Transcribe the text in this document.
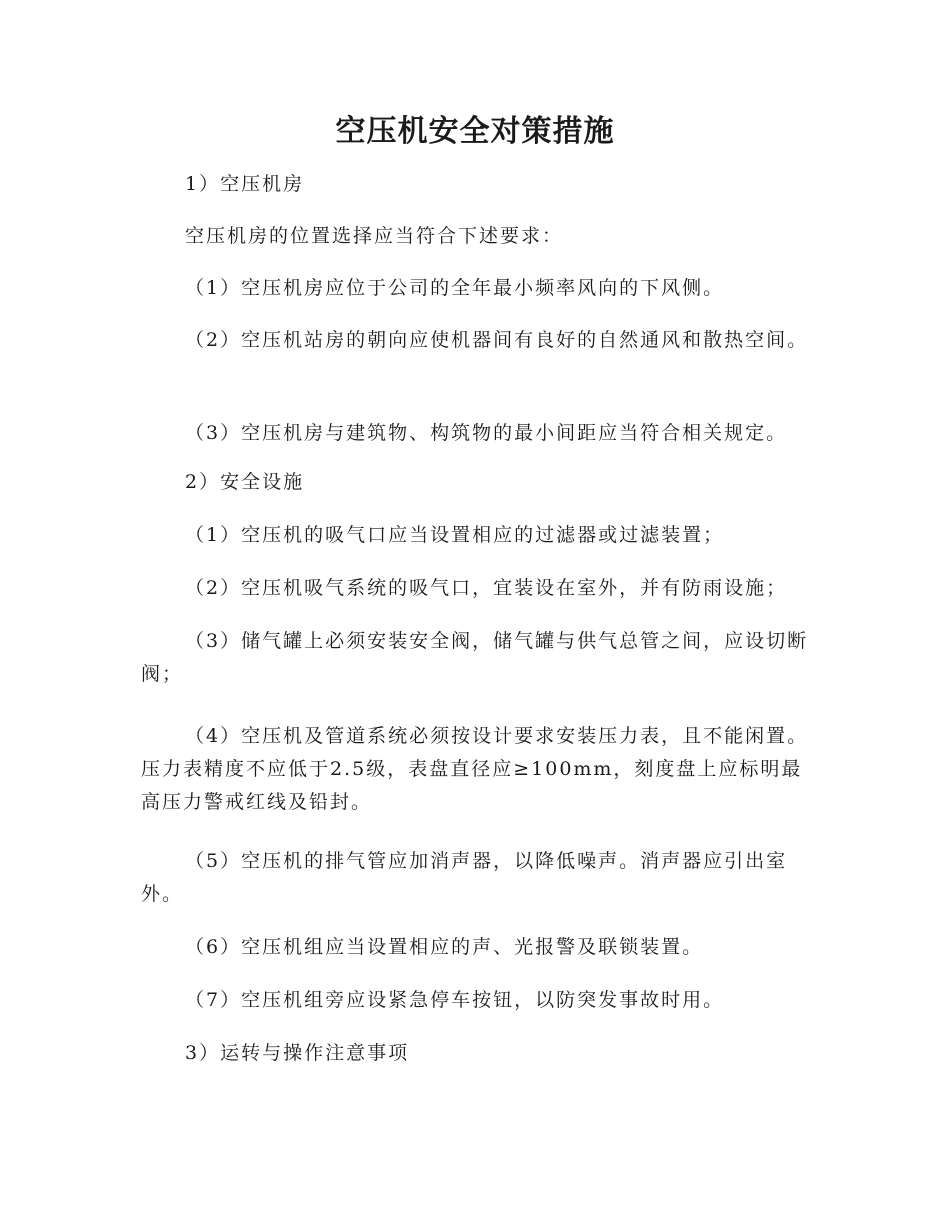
空压机安全对策措施

1）空压机房

空压机房的位置选择应当符合下述要求：

（1）空压机房应位于公司的全年最小频率风向的下风侧。

（2）空压机站房的朝向应使机器间有良好的自然通风和散热空间。

（3）空压机房与建筑物、构筑物的最小间距应当符合相关规定。

2）安全设施

（1）空压机的吸气口应当设置相应的过滤器或过滤装置；

（2）空压机吸气系统的吸气口，宜装设在室外，并有防雨设施；

（3）储气罐上必须安装安全阀，储气罐与供气总管之间，应设切断阀；

（4）空压机及管道系统必须按设计要求安装压力表，且不能闲置。压力表精度不应低于2.5级，表盘直径应≥100mm，刻度盘上应标明最高压力警戒红线及铅封。

（5）空压机的排气管应加消声器，以降低噪声。消声器应引出室外。

（6）空压机组应当设置相应的声、光报警及联锁装置。

（7）空压机组旁应设紧急停车按钮，以防突发事故时用。

3）运转与操作注意事项
